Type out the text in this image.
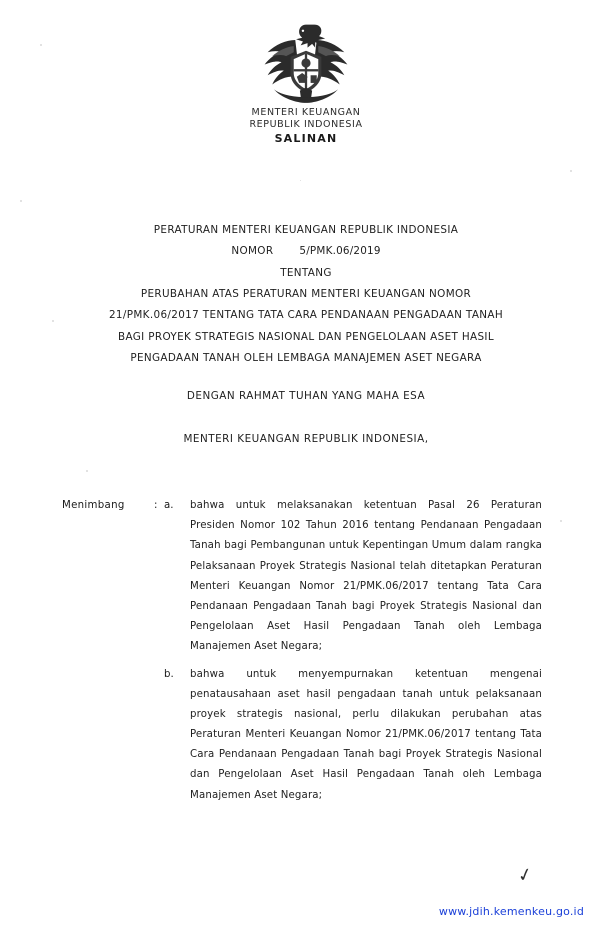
MENTERI KEUANGAN
REPUBLIK INDONESIA
SALINAN
PERATURAN MENTERI KEUANGAN REPUBLIK INDONESIA
NOMOR	5/PMK.06/2019
TENTANG
PERUBAHAN ATAS PERATURAN MENTERI KEUANGAN NOMOR
21/PMK.06/2017 TENTANG TATA CARA PENDANAAN PENGADAAN TANAH
BAGI PROYEK STRATEGIS NASIONAL DAN PENGELOLAAN ASET HASIL
PENGADAAN TANAH OLEH LEMBAGA MANAJEMEN ASET NEGARA
DENGAN RAHMAT TUHAN YANG MAHA ESA
MENTERI KEUANGAN REPUBLIK INDONESIA,
Menimbang	: a.	bahwa untuk melaksanakan ketentuan Pasal 26 Peraturan Presiden Nomor 102 Tahun 2016 tentang Pendanaan Pengadaan Tanah bagi Pembangunan untuk Kepentingan Umum dalam rangka Pelaksanaan Proyek Strategis Nasional telah ditetapkan Peraturan Menteri Keuangan Nomor 21/PMK.06/2017 tentang Tata Cara Pendanaan Pengadaan Tanah bagi Proyek Strategis Nasional dan Pengelolaan Aset Hasil Pengadaan Tanah oleh Lembaga Manajemen Aset Negara;
b.	bahwa untuk menyempurnakan ketentuan mengenai penatausahaan aset hasil pengadaan tanah untuk pelaksanaan proyek strategis nasional, perlu dilakukan perubahan atas Peraturan Menteri Keuangan Nomor 21/PMK.06/2017 tentang Tata Cara Pendanaan Pengadaan Tanah bagi Proyek Strategis Nasional dan Pengelolaan Aset Hasil Pengadaan Tanah oleh Lembaga Manajemen Aset Negara;
✓
www.jdih.kemenkeu.go.id
